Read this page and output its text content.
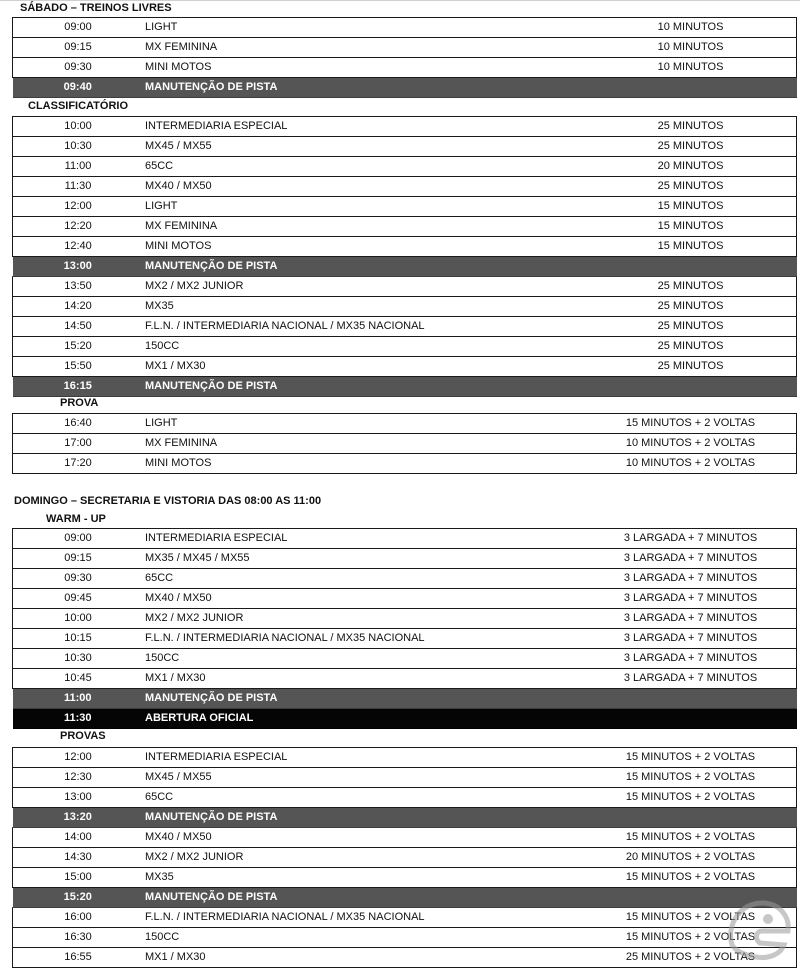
SÁBADO – TREINOS LIVRES
09:00	LIGHT	10 MINUTOS
09:15	MX FEMININA	10 MINUTOS
09:30	MINI MOTOS	10 MINUTOS
09:40	MANUTENÇÃO DE PISTA	
CLASSIFICATÓRIO
10:00	INTERMEDIARIA ESPECIAL	25 MINUTOS
10:30	MX45 / MX55	25 MINUTOS
11:00	65CC	20 MINUTOS
11:30	MX40 / MX50	25 MINUTOS
12:00	LIGHT	15 MINUTOS
12:20	MX FEMININA	15 MINUTOS
12:40	MINI MOTOS	15 MINUTOS
13:00	MANUTENÇÃO DE PISTA	
13:50	MX2 / MX2 JUNIOR	25 MINUTOS
14:20	MX35	25 MINUTOS
14:50	F.L.N. / INTERMEDIARIA NACIONAL / MX35 NACIONAL	25 MINUTOS
15:20	150CC	25 MINUTOS
15:50	MX1 / MX30	25 MINUTOS
16:15	MANUTENÇÃO DE PISTA	
PROVA
16:40	LIGHT	15 MINUTOS + 2 VOLTAS
17:00	MX FEMININA	10 MINUTOS + 2 VOLTAS
17:20	MINI MOTOS	10 MINUTOS + 2 VOLTAS
DOMINGO – SECRETARIA E VISTORIA DAS 08:00 AS 11:00
WARM - UP
09:00	INTERMEDIARIA ESPECIAL	3 LARGADA + 7 MINUTOS
09:15	MX35 / MX45 / MX55	3 LARGADA + 7 MINUTOS
09:30	65CC	3 LARGADA + 7 MINUTOS
09:45	MX40 / MX50	3 LARGADA + 7 MINUTOS
10:00	MX2 / MX2 JUNIOR	3 LARGADA + 7 MINUTOS
10:15	F.L.N. / INTERMEDIARIA NACIONAL / MX35 NACIONAL	3 LARGADA + 7 MINUTOS
10:30	150CC	3 LARGADA + 7 MINUTOS
10:45	MX1 / MX30	3 LARGADA + 7 MINUTOS
11:00	MANUTENÇÃO DE PISTA	
11:30	ABERTURA OFICIAL	
PROVAS
12:00	INTERMEDIARIA ESPECIAL	15 MINUTOS + 2 VOLTAS
12:30	MX45 / MX55	15 MINUTOS + 2 VOLTAS
13:00	65CC	15 MINUTOS + 2 VOLTAS
13:20	MANUTENÇÃO DE PISTA	
14:00	MX40 / MX50	15 MINUTOS + 2 VOLTAS
14:30	MX2 / MX2 JUNIOR	20 MINUTOS + 2 VOLTAS
15:00	MX35	15 MINUTOS + 2 VOLTAS
15:20	MANUTENÇÃO DE PISTA	
16:00	F.L.N. / INTERMEDIARIA NACIONAL / MX35 NACIONAL	15 MINUTOS + 2 VOLTAS
16:30	150CC	15 MINUTOS + 2 VOLTAS
16:55	MX1 / MX30	25 MINUTOS + 2 VOLTAS
